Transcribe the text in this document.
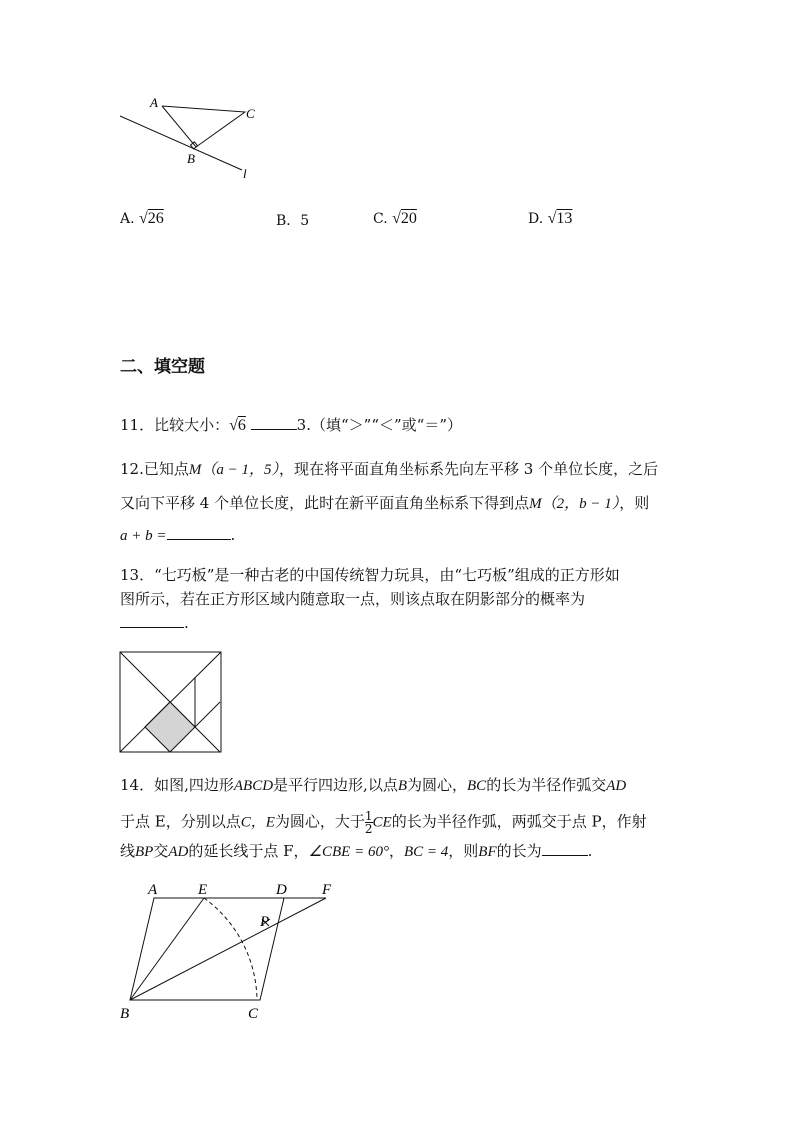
A
C
B
l
A. √26	B．5	C. √20	D. √13
二、填空题
11．比较大小：√6	3.（填“＞”“＜”或“＝”）
12.已知点M（a − 1，5），现在将平面直角坐标系先向左平移 3 个单位长度，之后
又向下平移 4 个单位长度，此时在新平面直角坐标系下得到点M（2，b − 1），则
a + b =	.
13．“七巧板”是一种古老的中国传统智力玩具，由“七巧板”组成的正方形如
图所示，若在正方形区域内随意取一点，则该点取在阴影部分的概率为
.
14．如图,四边形ABCD是平行四边形,以点B为圆心，BC的长为半径作弧交AD
于点 E，分别以点C，E为圆心，大于 $\frac{1}{2}$ CE的长为半径作弧，两弧交于点 P，作射
线BP交AD的延长线于点 F，∠CBE = 60°，BC = 4，则BF的长为	.
A	E	D F
P
B	C
